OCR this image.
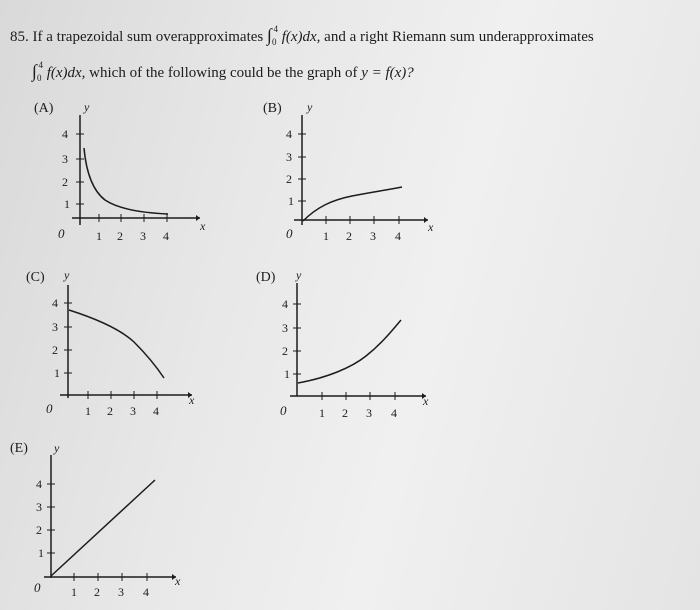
85. If a trapezoidal sum overapproximates $\int_0^4$ f(x)dx, and a right Riemann sum underapproximates
$\int_0^4$ f(x)dx, which of the following could be the graph of y = f(x)?
(A)	y
x
0
4
3
2
1
1 2 3 4
(B) y
x
0
4
3
2
1
1 2 3 4
(C) y
x
0
4
3
2
1
1 2 3 4
(D) y
x
0
4
3
2
1
1 2 3 4
(E) y
x
0
4
3
2
1
1 2 3 4
